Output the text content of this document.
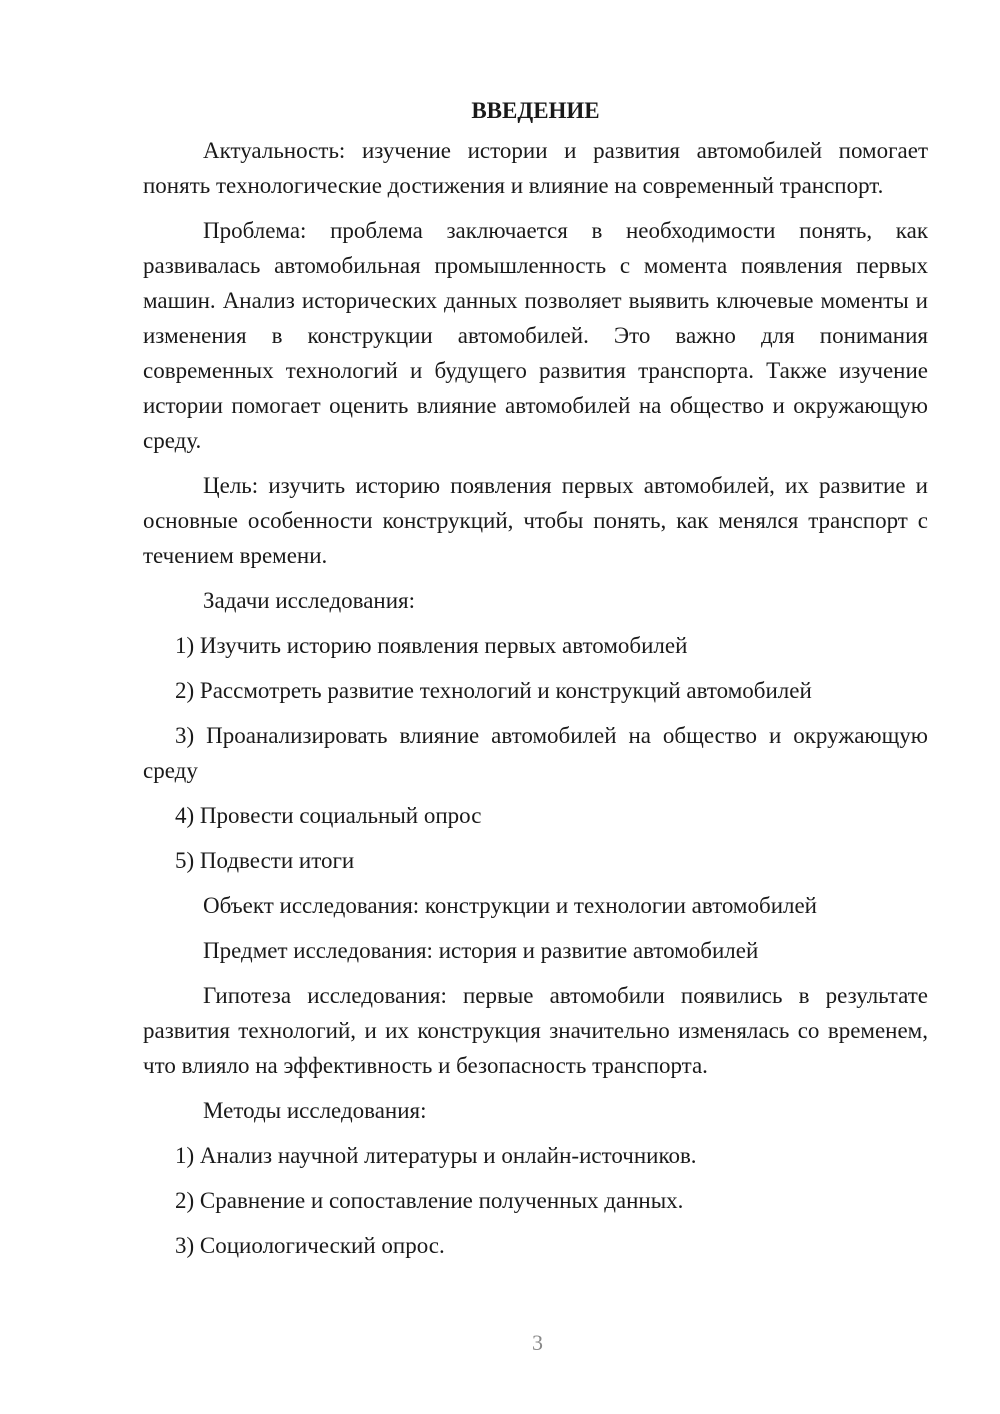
ВВЕДЕНИЕ

Актуальность: изучение истории и развития автомобилей помогает понять технологические достижения и влияние на современный транспорт.

Проблема: проблема заключается в необходимости понять, как развивалась автомобильная промышленность с момента появления первых машин. Анализ исторических данных позволяет выявить ключевые моменты и изменения в конструкции автомобилей. Это важно для понимания современных технологий и будущего развития транспорта. Также изучение истории помогает оценить влияние автомобилей на общество и окружающую среду.

Цель: изучить историю появления первых автомобилей, их развитие и основные особенности конструкций, чтобы понять, как менялся транспорт с течением времени.

Задачи исследования:

1) Изучить историю появления первых автомобилей

2) Рассмотреть развитие технологий и конструкций автомобилей

3) Проанализировать влияние автомобилей на общество и окружающую среду

4) Провести социальный опрос

5) Подвести итоги

Объект исследования: конструкции и технологии автомобилей

Предмет исследования: история и развитие автомобилей

Гипотеза исследования: первые автомобили появились в результате развития технологий, и их конструкция значительно изменялась со временем, что влияло на эффективность и безопасность транспорта.

Методы исследования:

1) Анализ научной литературы и онлайн-источников.

2) Сравнение и сопоставление полученных данных.

3) Социологический опрос.

3
